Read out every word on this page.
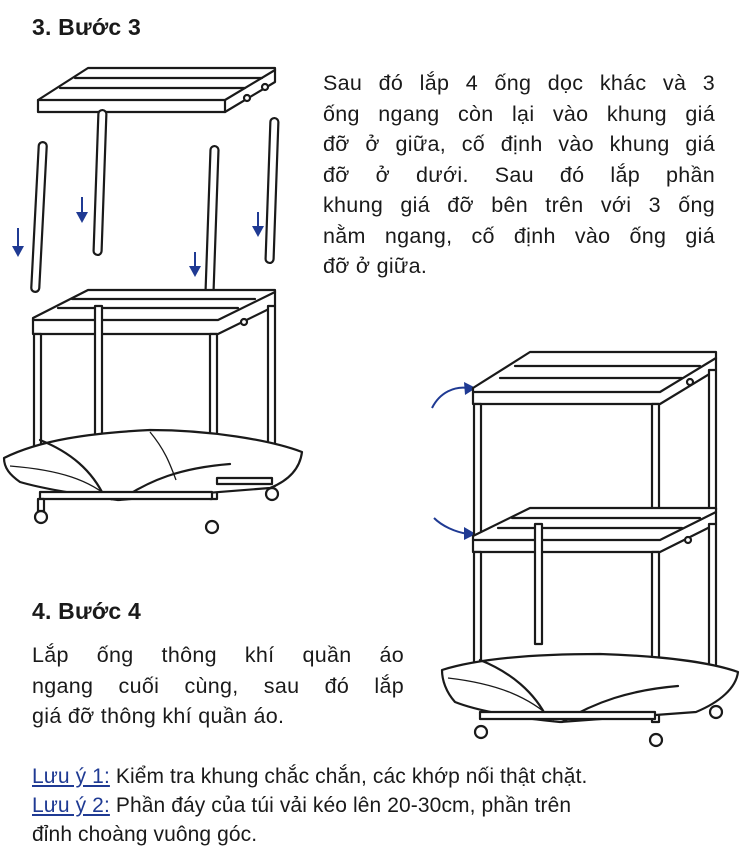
3. Bước 3
Sau đó lắp 4 ống dọc khác và 3
ống ngang còn lại vào khung giá
đỡ ở giữa, cố định vào khung giá
đỡ ở dưới. Sau đó lắp phần
khung giá đỡ bên trên với 3 ống
nằm ngang, cố định vào ống giá
đỡ ở giữa.
4. Bước 4
Lắp ống thông khí quần áo
ngang cuối cùng, sau đó lắp
giá đỡ thông khí quần áo.
Lưu ý 1: Kiểm tra khung chắc chắn, các khớp nối thật chặt.
Lưu ý 2: Phần đáy của túi vải kéo lên 20-30cm, phần trên
đỉnh choàng vuông góc.
